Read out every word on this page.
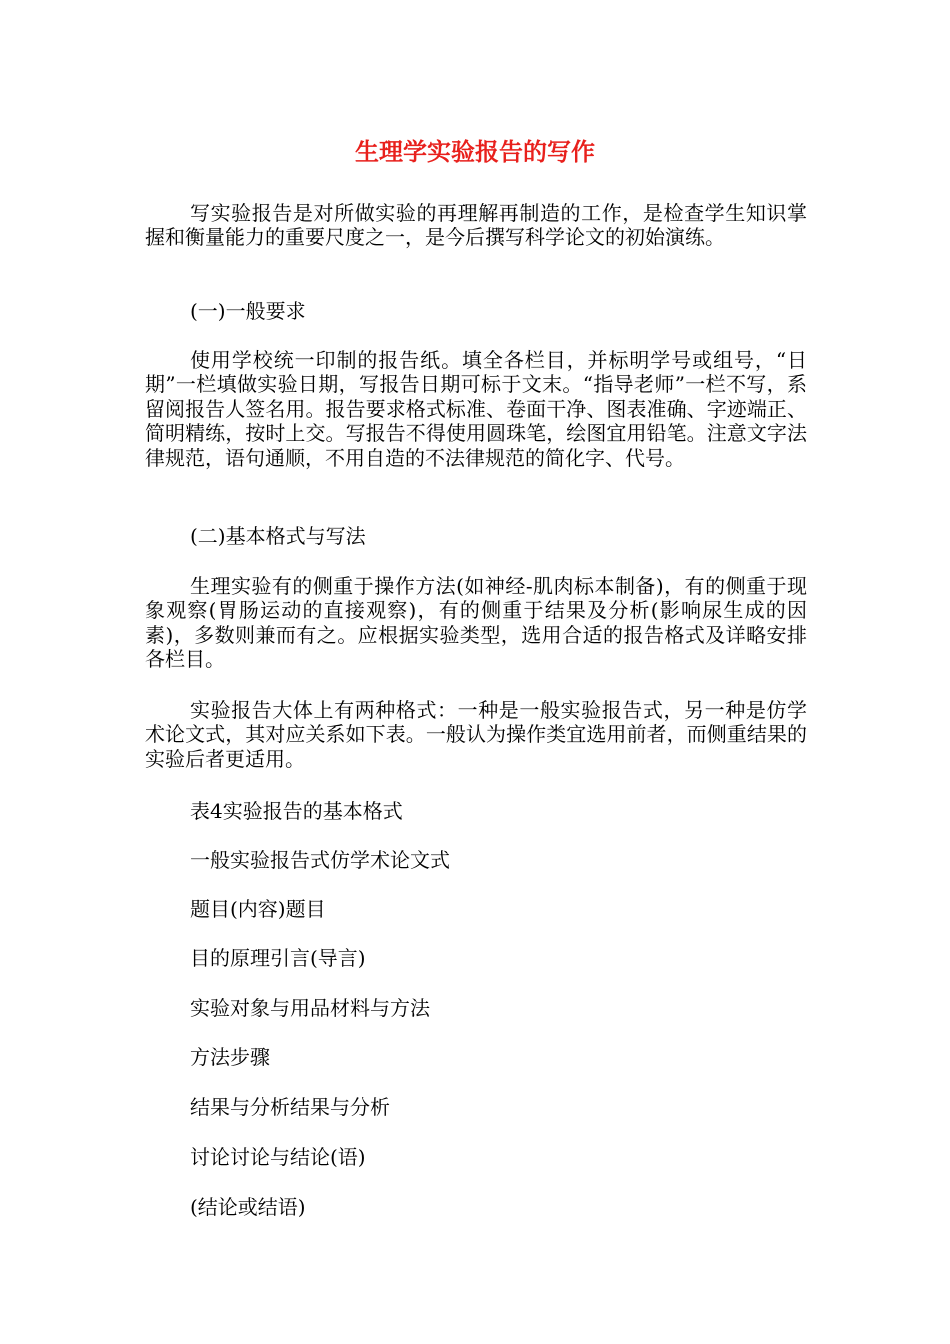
生理学实验报告的写作

写实验报告是对所做实验的再理解再制造的工作，是检查学生知识掌握和衡量能力的重要尺度之一，是今后撰写科学论文的初始演练。

(一)一般要求

使用学校统一印制的报告纸。填全各栏目，并标明学号或组号，“日期”一栏填做实验日期，写报告日期可标于文末。“指导老师”一栏不写，系留阅报告人签名用。报告要求格式标准、卷面干净、图表准确、字迹端正、简明精练，按时上交。写报告不得使用圆珠笔，绘图宜用铅笔。注意文字法律规范，语句通顺，不用自造的不法律规范的简化字、代号。

(二)基本格式与写法

生理实验有的侧重于操作方法(如神经-肌肉标本制备)，有的侧重于现象观察(胃肠运动的直接观察)，有的侧重于结果及分析(影响尿生成的因素)，多数则兼而有之。应根据实验类型，选用合适的报告格式及详略安排各栏目。

实验报告大体上有两种格式：一种是一般实验报告式，另一种是仿学术论文式，其对应关系如下表。一般认为操作类宜选用前者，而侧重结果的实验后者更适用。

表4实验报告的基本格式

一般实验报告式仿学术论文式

题目(内容)题目

目的原理引言(导言)

实验对象与用品材料与方法

方法步骤

结果与分析结果与分析

讨论讨论与结论(语)

(结论或结语)
